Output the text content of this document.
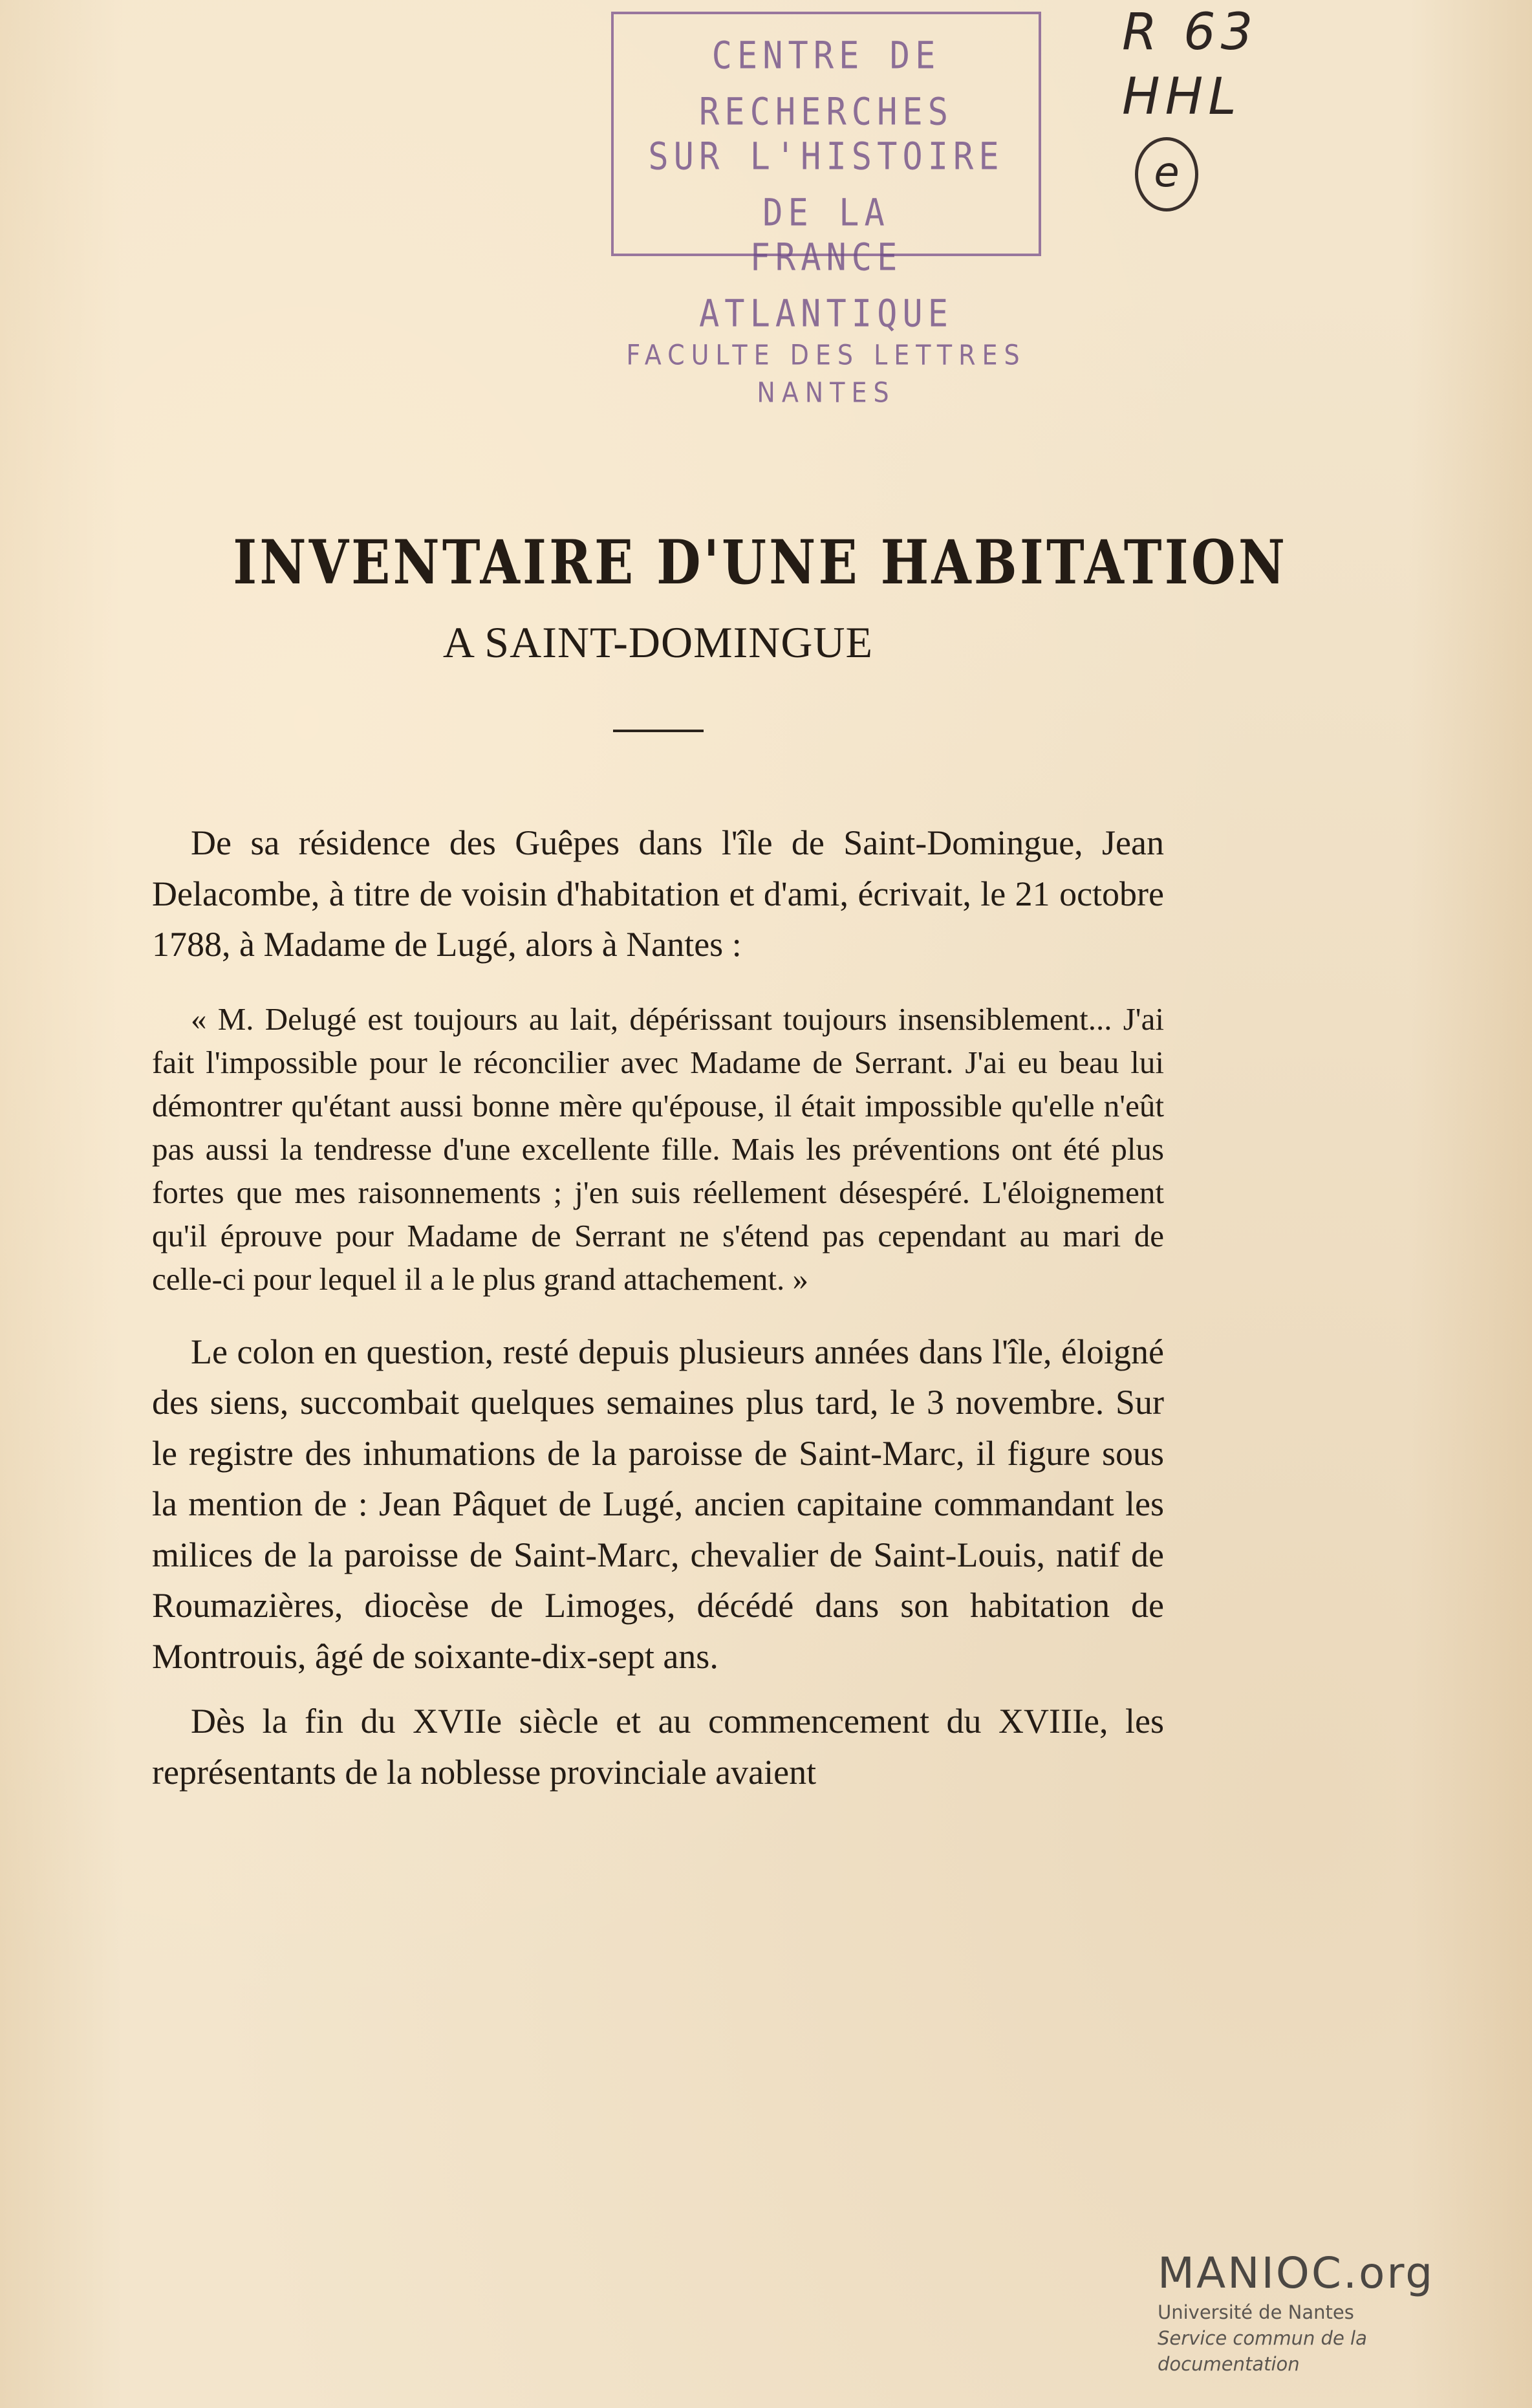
CENTRE DE RECHERCHES
SUR L'HISTOIRE DE LA
FRANCE ATLANTIQUE
FACULTE DES LETTRES
NANTES
R 63
HHL
e
INVENTAIRE D'UNE HABITATION
A SAINT-DOMINGUE

De sa résidence des Guêpes dans l'île de Saint-Domingue, Jean Delacombe, à titre de voisin d'habitation et d'ami, écrivait, le 21 octobre 1788, à Madame de Lugé, alors à Nantes :

« M. Delugé est toujours au lait, dépérissant toujours insensiblement... J'ai fait l'impossible pour le réconcilier avec Madame de Serrant. J'ai eu beau lui démontrer qu'étant aussi bonne mère qu'épouse, il était impossible qu'elle n'eût pas aussi la tendresse d'une excellente fille. Mais les préventions ont été plus fortes que mes raisonnements ; j'en suis réellement désespéré. L'éloignement qu'il éprouve pour Madame de Serrant ne s'étend pas cependant au mari de celle-ci pour lequel il a le plus grand attachement. »

Le colon en question, resté depuis plusieurs années dans l'île, éloigné des siens, succombait quelques semaines plus tard, le 3 novembre. Sur le registre des inhumations de la paroisse de Saint-Marc, il figure sous la mention de : Jean Pâquet de Lugé, ancien capitaine commandant les milices de la paroisse de Saint-Marc, chevalier de Saint-Louis, natif de Roumazières, diocèse de Limoges, décédé dans son habitation de Montrouis, âgé de soixante-dix-sept ans.

Dès la fin du XVIIe siècle et au commencement du XVIIIe, les représentants de la noblesse provinciale avaient

MANIOC.org
Université de Nantes
Service commun de la documentation
